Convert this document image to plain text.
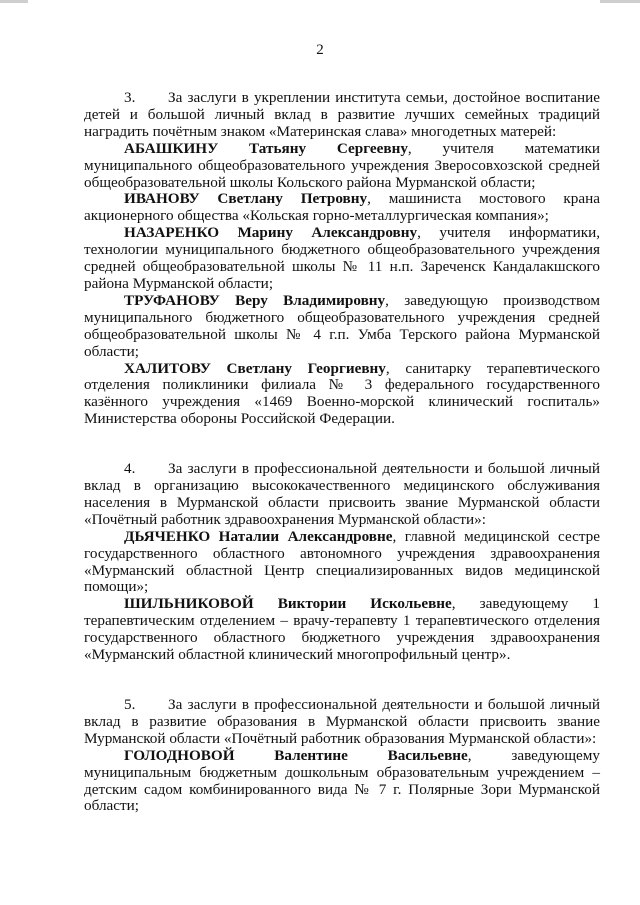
2

3. За заслуги в укреплении института семьи, достойное воспитание детей и большой личный вклад в развитие лучших семейных традиций наградить почётным знаком «Материнская слава» многодетных матерей:

АБАШКИНУ Татьяну Сергеевну, учителя математики муниципального общеобразовательного учреждения Зверосовхозской средней общеобразовательной школы Кольского района Мурманской области;

ИВАНОВУ Светлану Петровну, машиниста мостового крана акционерного общества «Кольская горно-металлургическая компания»;

НАЗАРЕНКО Марину Александровну, учителя информатики, технологии муниципального бюджетного общеобразовательного учреждения средней общеобразовательной школы № 11 н.п. Зареченск Кандалакшского района Мурманской области;

ТРУФАНОВУ Веру Владимировну, заведующую производством муниципального бюджетного общеобразовательного учреждения средней общеобразовательной школы № 4 г.п. Умба Терского района Мурманской области;

ХАЛИТОВУ Светлану Георгиевну, санитарку терапевтического отделения поликлиники филиала № 3 федерального государственного казённого учреждения «1469 Военно-морской клинический госпиталь» Министерства обороны Российской Федерации.

4. За заслуги в профессиональной деятельности и большой личный вклад в организацию высококачественного медицинского обслуживания населения в Мурманской области присвоить звание Мурманской области «Почётный работник здравоохранения Мурманской области»:

ДЬЯЧЕНКО Наталии Александровне, главной медицинской сестре государственного областного автономного учреждения здравоохранения «Мурманский областной Центр специализированных видов медицинской помощи»;

ШИЛЬНИКОВОЙ Виктории Искольевне, заведующему 1 терапевтическим отделением – врачу-терапевту 1 терапевтического отделения государственного областного бюджетного учреждения здравоохранения «Мурманский областной клинический многопрофильный центр».

5. За заслуги в профессиональной деятельности и большой личный вклад в развитие образования в Мурманской области присвоить звание Мурманской области «Почётный работник образования Мурманской области»:

ГОЛОДНОВОЙ Валентине Васильевне, заведующему муниципальным бюджетным дошкольным образовательным учреждением – детским садом комбинированного вида № 7 г. Полярные Зори Мурманской области;
